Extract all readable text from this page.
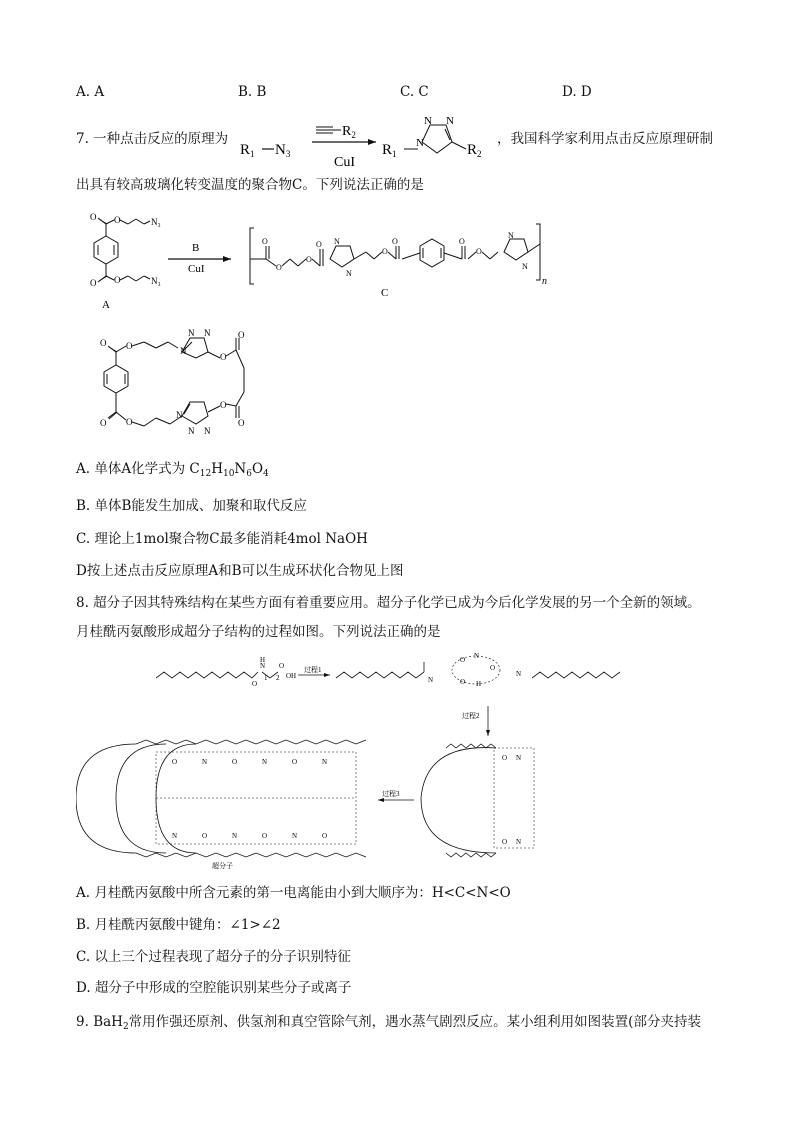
A. A	B. B	C. C	D. D
7. 一种点击反应的原理为
$R_1$ $N_3$
$R_2$
CuI
$R_1$
N
N N
$R_2$
，我国科学家利用点击反应原理研制
出具有较高玻璃化转变温度的聚合物C。下列说法正确的是
O O	N₃
O O	N₃
A
B
CuI
O
O
O
O N
N
O
O	O
O
N
N
n
C
O O	N
N N
O
O
O
O
N
N N
O O
A. 单体A化学式为 $C_{12}H_{10}N_6O_4$
B. 单体B能发生加成、加聚和取代反应
C. 理论上1mol聚合物C最多能消耗4mol NaOH
D按上述点击反应原理A和B可以生成环状化合物见上图
8. 超分子因其特殊结构在某些方面有着重要应用。超分子化学已成为今后化学发展的另一个全新的领域。
月桂酰丙氨酸形成超分子结构的过程如图。下列说法正确的是
O
N
H
1 2
O
OH
过程1
N
O N
O H
O
N
过程2
O N
O N
过程3
O	N	O	N	O	N
N	O	N	O	N	O
超分子
A. 月桂酰丙氨酸中所含元素的第一电离能由小到大顺序为：H<C<N<O
B. 月桂酰丙氨酸中键角：∠1>∠2
C. 以上三个过程表现了超分子的分子识别特征
D. 超分子中形成的空腔能识别某些分子或离子
9. BaH$_2$常用作强还原剂、供氢剂和真空管除气剂，遇水蒸气剧烈反应。某小组利用如图装置(部分夹持装
